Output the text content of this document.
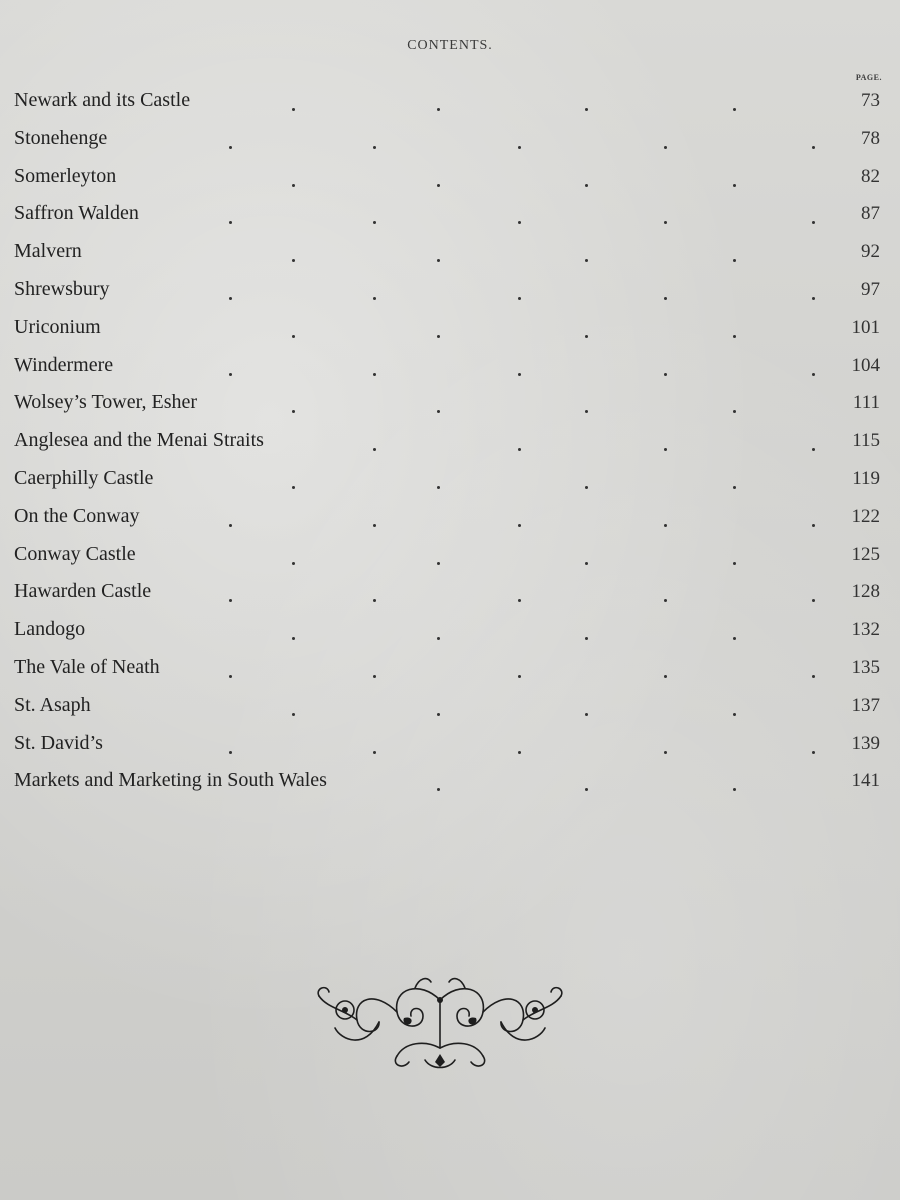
CONTENTS.
PAGE.
Newark and its Castle	73
Stonehenge	78
Somerleyton	82
Saffron Walden	87
Malvern	92
Shrewsbury	97
Uriconium	101
Windermere	104
Wolsey’s Tower, Esher	111
Anglesea and the Menai Straits	115
Caerphilly Castle	119
On the Conway	122
Conway Castle	125
Hawarden Castle	128
Landogo	132
The Vale of Neath	135
St. Asaph	137
St. David’s	139
Markets and Marketing in South Wales	141
